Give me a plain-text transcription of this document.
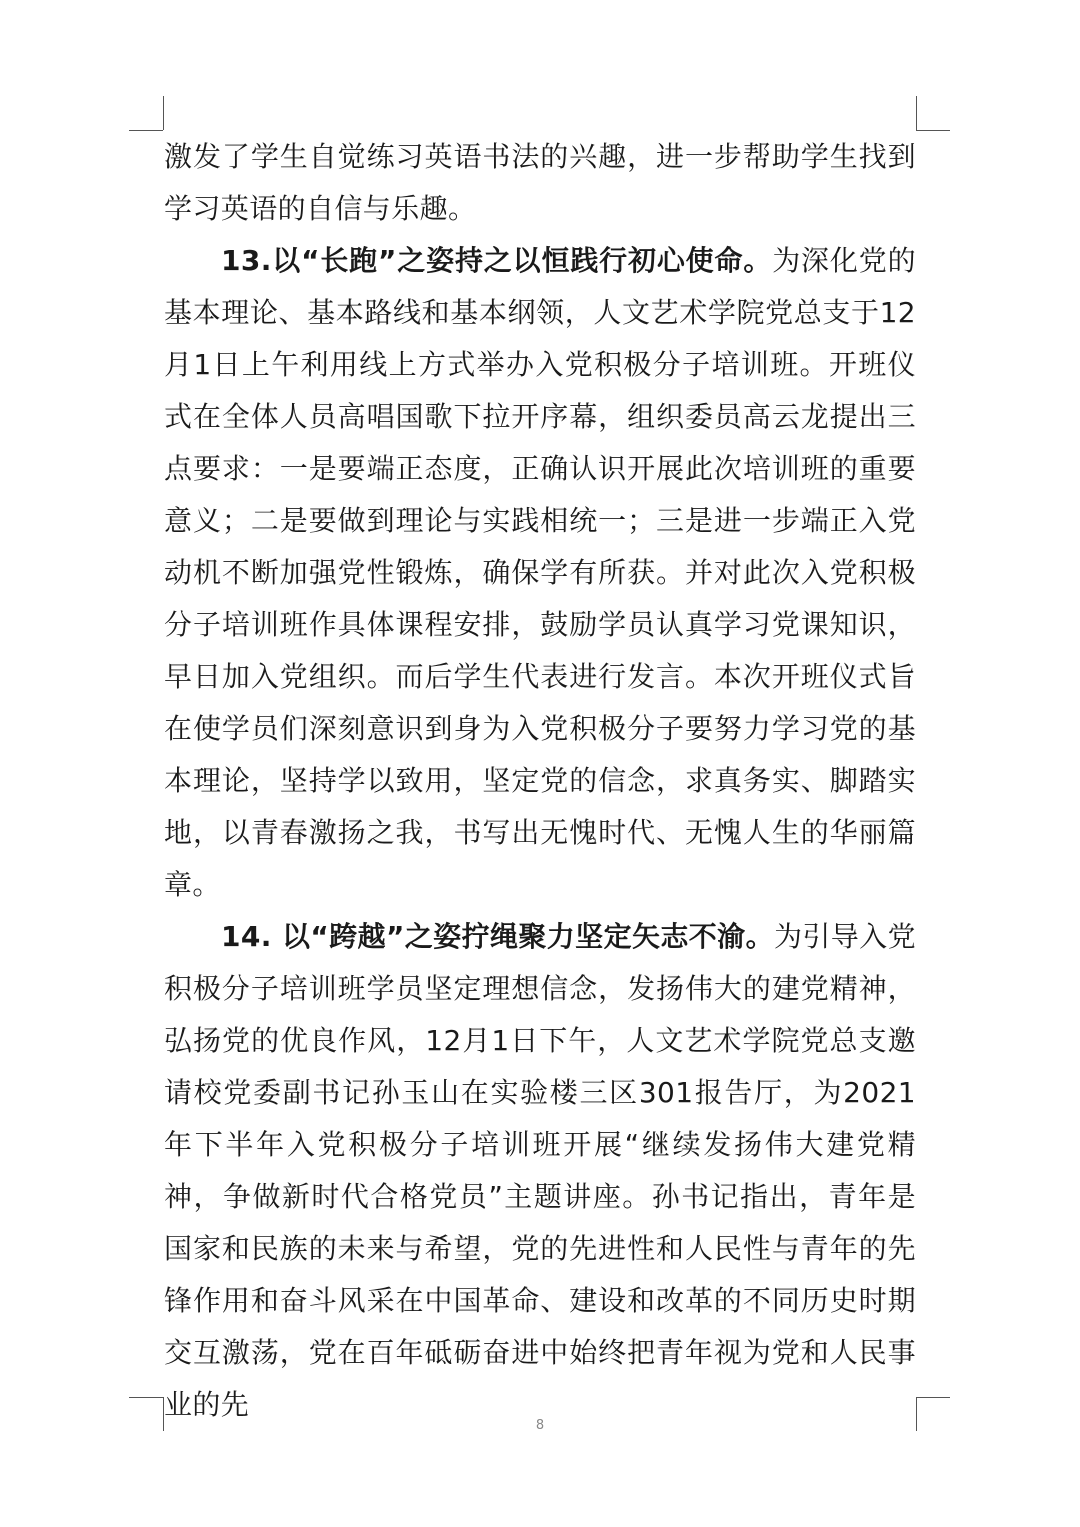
激发了学生自觉练习英语书法的兴趣，进一步帮助学生找到学习英语的自信与乐趣。

13.以“长跑”之姿持之以恒践行初心使命。为深化党的基本理论、基本路线和基本纲领，人文艺术学院党总支于12月1日上午利用线上方式举办入党积极分子培训班。开班仪式在全体人员高唱国歌下拉开序幕，组织委员高云龙提出三点要求：一是要端正态度，正确认识开展此次培训班的重要意义；二是要做到理论与实践相统一；三是进一步端正入党动机不断加强党性锻炼，确保学有所获。并对此次入党积极分子培训班作具体课程安排，鼓励学员认真学习党课知识，早日加入党组织。而后学生代表进行发言。本次开班仪式旨在使学员们深刻意识到身为入党积极分子要努力学习党的基本理论，坚持学以致用，坚定党的信念，求真务实、脚踏实地，以青春激扬之我，书写出无愧时代、无愧人生的华丽篇章。

14. 以“跨越”之姿拧绳聚力坚定矢志不渝。为引导入党积极分子培训班学员坚定理想信念，发扬伟大的建党精神，弘扬党的优良作风，12月1日下午，人文艺术学院党总支邀请校党委副书记孙玉山在实验楼三区301报告厅，为2021年下半年入党积极分子培训班开展“继续发扬伟大建党精神，争做新时代合格党员”主题讲座。孙书记指出，青年是国家和民族的未来与希望，党的先进性和人民性与青年的先锋作用和奋斗风采在中国革命、建设和改革的不同历史时期交互激荡，党在百年砥砺奋进中始终把青年视为党和人民事业的先

8
